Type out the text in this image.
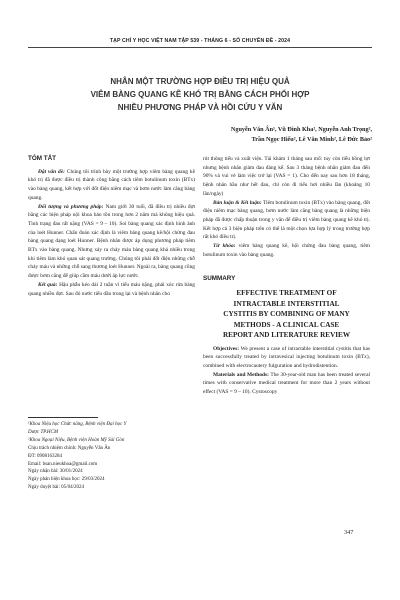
TẠP CHÍ Y HỌC VIỆT NAM TẬP 539 - THÁNG 6 - SỐ CHUYÊN ĐỀ - 2024
NHÂN MỘT TRƯỜNG HỢP ĐIỀU TRỊ HIỆU QUẢ
VIÊM BÀNG QUANG KẼ KHÓ TRỊ BẰNG CÁCH PHỐI HỢP
NHIỀU PHƯƠNG PHÁP VÀ HỒI CỨU Y VĂN
Nguyễn Văn Ân¹, Vũ Đình Kha², Nguyễn Anh Trọng²,
Trần Ngọc Hiếu², Lê Văn Minh², Lê Đức Bảo²
TÓM TẮT

Đặt vấn đề: Chúng tôi trình bày một trường hợp viêm bàng quang kẽ khó trị đã được điều trị thành công bằng cách tiêm botulinum toxin (BTx) vào bàng quang, kết hợp với đốt điện niêm mạc và bơm nước làm căng bàng quang.

Đối tượng và phương pháp: Nam giới 30 tuổi, đã điều trị nhiều đợt bằng các biện pháp nội khoa bảo tồn trong hơn 2 năm mà không hiệu quả. Tình trạng đau rất nặng (VAS = 9 – 10). Soi bàng quang xác định hình ảnh của loét Hunner. Chẩn đoán xác định là viêm bàng quang kẽ/hội chứng đau bàng quang dạng loét Hunner. Bệnh nhân được áp dụng phương pháp tiêm BTx vào bàng quang. Nhưng xảy ra chảy máu bàng quang khá nhiều trong khi tiêm làm khó quan sát quang trường. Chúng tôi phải đốt điện những chỗ chảy máu và những chỗ sang thương loét Hunner. Ngoài ra, bàng quang cũng được bơm căng để giúp cầm máu dưới áp lực nước.

Kết quả: Hậu phẫu kéo dài 2 tuần vì tiểu máu nặng, phải xúc rửa bàng quang nhiều đợt. Sau đó nước tiểu dần trong lại và bệnh nhân cho

¹Khoa Niệu học Chức năng, Bệnh viện Đại học Y
Dược TP.HCM
²Khoa Ngoại Niệu, Bệnh viện Hoàn Mỹ Sài Gòn
Chịu trách nhiệm chính: Nguyễn Văn Ân
ĐT: 0908163284
Email: bsan.nieukhoa@gmail.com
Ngày nhận bài: 30/01/2024
Ngày phản biện khoa học: 29/03/2024
Ngày duyệt bài: 05/04/2024

rút thông tiểu và xuất viện. Tái khám 1 tháng sau mổ: tuy còn tiểu hồng lợt nhưng bệnh nhân giảm đau đáng kể. Sau 3 tháng bệnh nhân giảm đau đến 90% và vui vẻ làm việc trở lại (VAS = 1). Cho đến nay sau hơn 18 tháng, bệnh nhân hầu như hết đau, chỉ còn đi tiểu hơi nhiều lần (khoảng 10 lần/ngày)

Bàn luận & Kết luận: Tiêm botulinum toxin (BTx) vào bàng quang, đốt điện niêm mạc bàng quang, bơm nước làm căng bàng quang là những biện pháp đã được chấp thuận trong y văn để điều trị viêm bàng quang kẽ khó trị. Kết hợp cả 3 biện pháp trên có thể là một chọn lựa hợp lý trong trường hợp rất khó điều trị.

Từ khóa: viêm bàng quang kẽ, hội chứng đau bàng quang, tiêm botulinum toxin vào bàng quang.

SUMMARY
EFFECTIVE TREATMENT OF
INTRACTABLE INTERSTITIAL
CYSTITIS BY COMBINING OF MANY
METHODS - A CLINICAL CASE
REPORT AND LITERATURE REVIEW

Objectives: We present a case of intractable interstitial cystitis that has been successfully treated by intravesical injecting botulinum toxin (BTx), combined with electrocautery fulguration and hydrodistention.

Materials and Methods: The 30-year-old man has been treated several times with conservative medical treatment for more than 2 years without effect (VAS = 9 – 10). Cystoscopy

347
